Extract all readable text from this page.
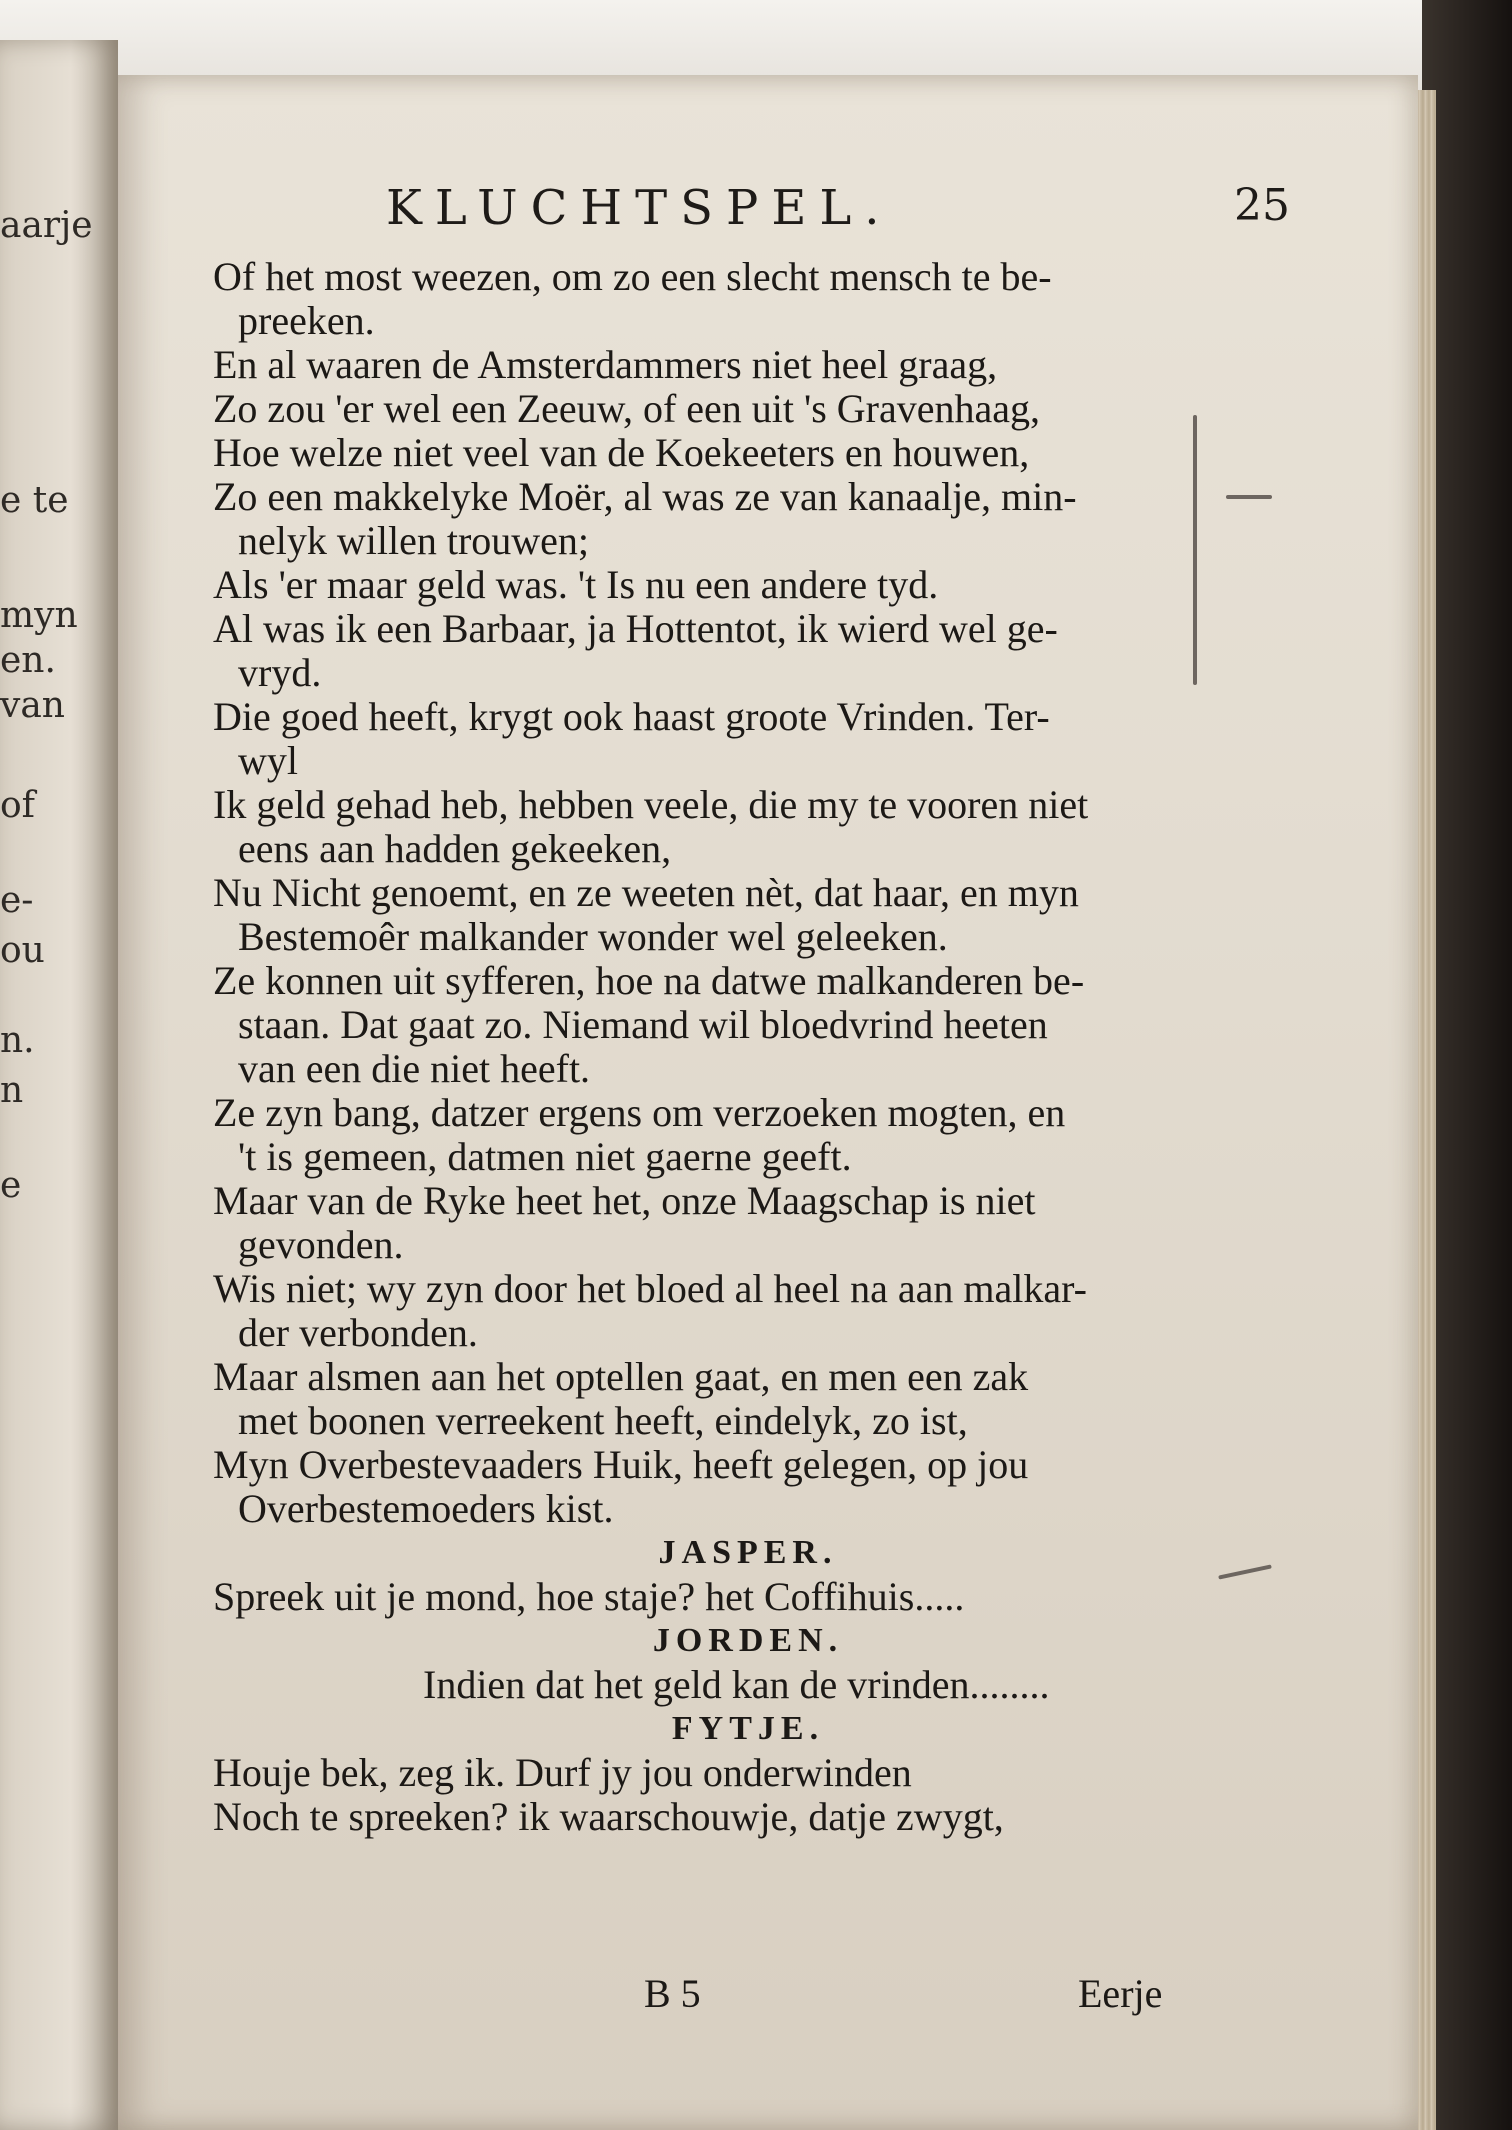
aarje
e te
myn
en.
van
of
e-
ou
n.
n
e
KLUCHTSPEL.	25
Of het most weezen, om zo een slecht mensch te be-
preeken.
En al waaren de Amsterdammers niet heel graag,
Zo zou 'er wel een Zeeuw, of een uit 's Gravenhaag,
Hoe welze niet veel van de Koekeeters en houwen,
Zo een makkelyke Moër, al was ze van kanaalje, min-
nelyk willen trouwen;
Als 'er maar geld was. 't Is nu een andere tyd.
Al was ik een Barbaar, ja Hottentot, ik wierd wel ge-
vryd.
Die goed heeft, krygt ook haast groote Vrinden. Ter-
wyl
Ik geld gehad heb, hebben veele, die my te vooren niet
eens aan hadden gekeeken,
Nu Nicht genoemt, en ze weeten nèt, dat haar, en myn
Bestemoêr malkander wonder wel geleeken.
Ze konnen uit syfferen, hoe na datwe malkanderen be-
staan. Dat gaat zo. Niemand wil bloedvrind heeten
van een die niet heeft.
Ze zyn bang, datzer ergens om verzoeken mogten, en
't is gemeen, datmen niet gaerne geeft.
Maar van de Ryke heet het, onze Maagschap is niet
gevonden.
Wis niet; wy zyn door het bloed al heel na aan malkar-
der verbonden.
Maar alsmen aan het optellen gaat, en men een zak
met boonen verreekent heeft, eindelyk, zo ist,
Myn Overbestevaaders Huik, heeft gelegen, op jou
Overbestemoeders kist.
JASPER.
Spreek uit je mond, hoe staje? het Coffihuis.....
JORDEN.
Indien dat het geld kan de vrinden........
FYTJE.
Houje bek, zeg ik. Durf jy jou onderwinden
Noch te spreeken? ik waarschouwje, datje zwygt,
B 5	Eerje
